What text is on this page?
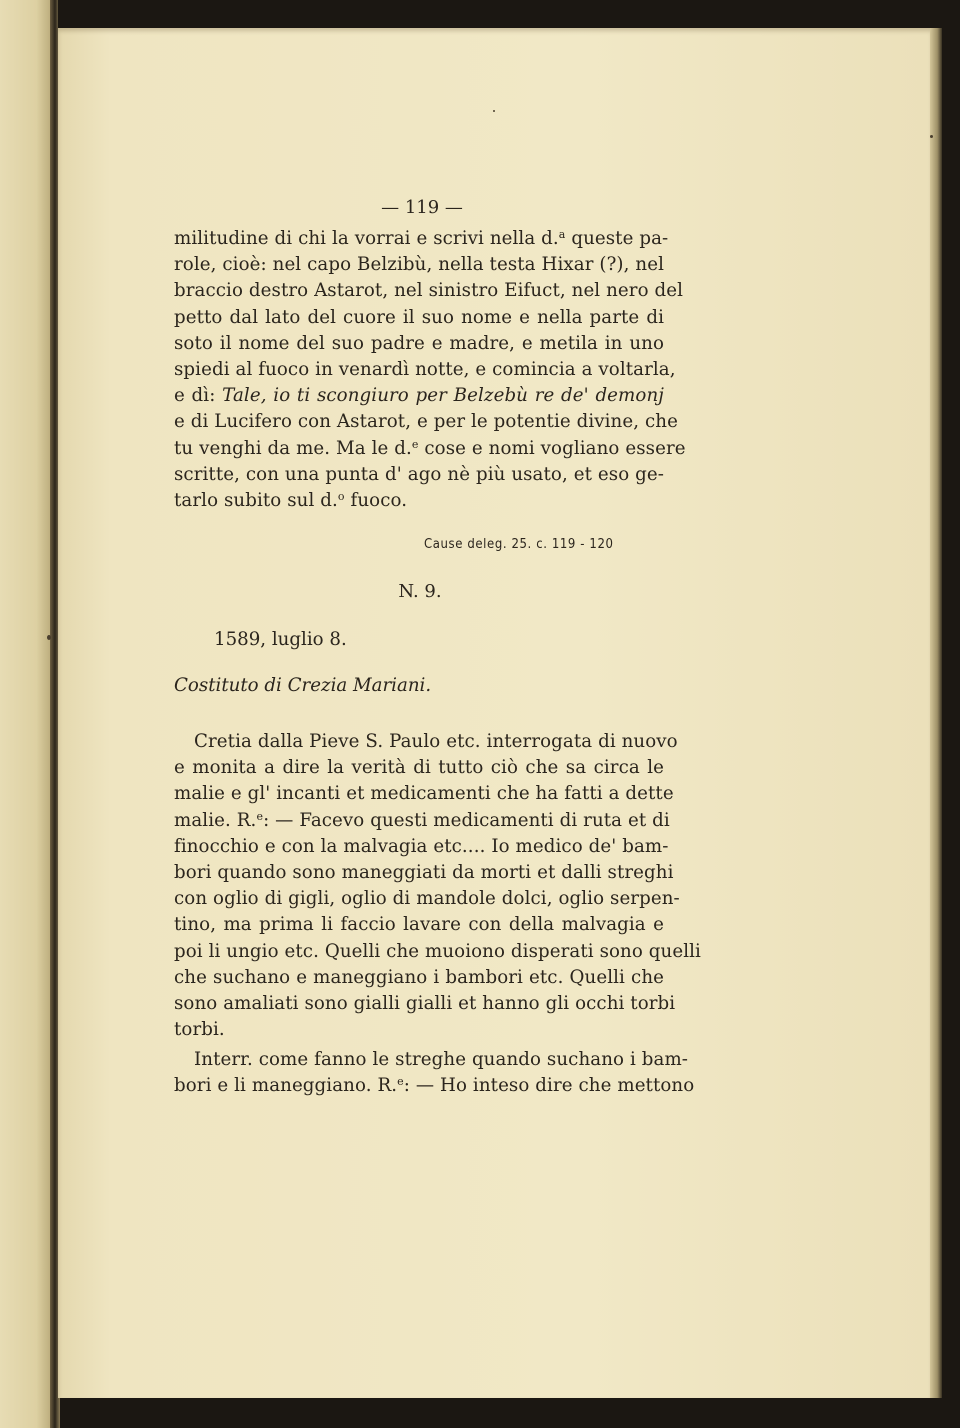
— 119 —
militudine di chi la vorrai e scrivi nella d.$^a$ queste pa-
role, cioè: nel capo Belzibù, nella testa Hixar (?), nel
braccio destro Astarot, nel sinistro Eifuct, nel nero del
petto dal lato del cuore il suo nome e nella parte di
soto il nome del suo padre e madre, e metila in uno
spiedi al fuoco in venardì notte, e comincia a voltarla,
e dì: Tale, io ti scongiuro per Belzebù re de' demonj
e di Lucifero con Astarot, e per le potentie divine, che
tu venghi da me. Ma le d.$^e$ cose e nomi vogliano essere
scritte, con una punta d' ago nè più usato, et eso ge-
tarlo subito sul d.$^o$ fuoco.
Cause deleg. 25. c. 119 - 120
N. 9.
1589, luglio 8.
Costituto di Crezia Mariani.
Cretia dalla Pieve S. Paulo etc. interrogata di nuovo
e monita a dire la verità di tutto ciò che sa circa le
malie e gl' incanti et medicamenti che ha fatti a dette
malie. R.$^e$: — Facevo questi medicamenti di ruta et di
finocchio e con la malvagia etc.... Io medico de' bam-
bori quando sono maneggiati da morti et dalli streghi
con oglio di gigli, oglio di mandole dolci, oglio serpen-
tino, ma prima li faccio lavare con della malvagia e
poi li ungio etc. Quelli che muoiono disperati sono quelli
che suchano e maneggiano i bambori etc. Quelli che
sono amaliati sono gialli gialli et hanno gli occhi torbi
torbi.
Interr. come fanno le streghe quando suchano i bam-
bori e li maneggiano. R.$^e$: — Ho inteso dire che mettono
